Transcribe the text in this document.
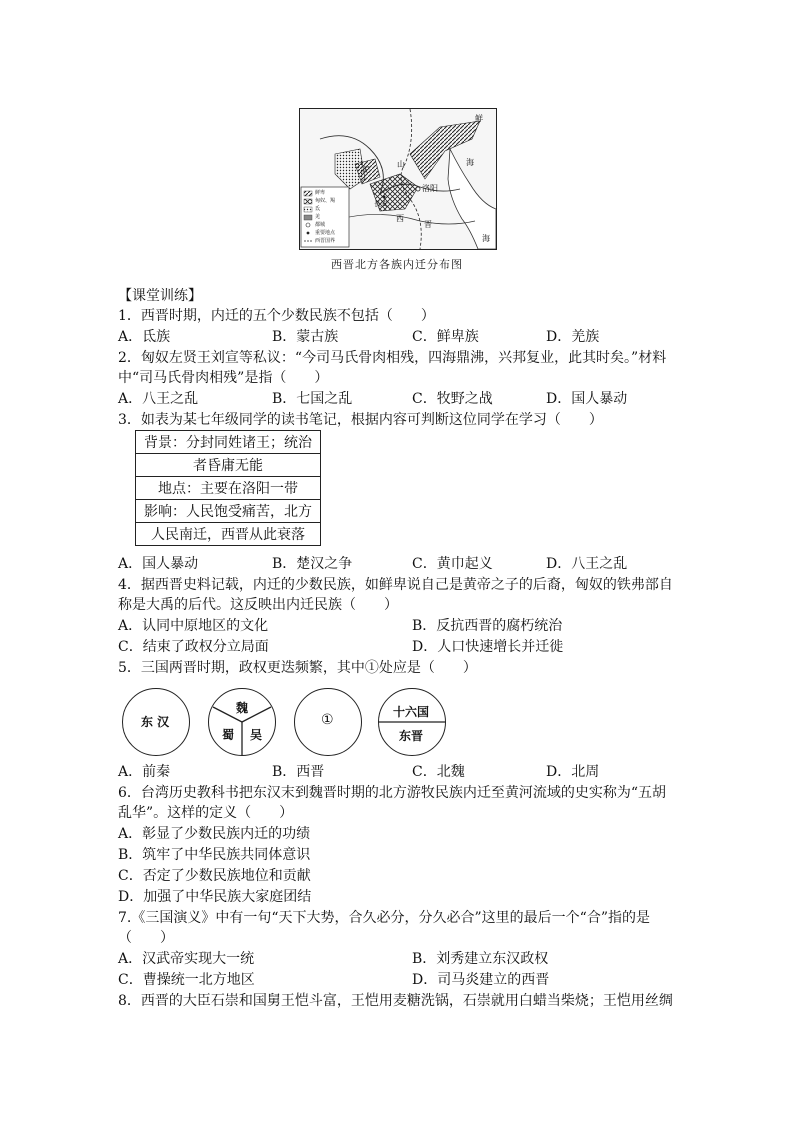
鲜
海
羌
山
洛阳
长安
西
晋
海
鲜卑
匈奴、羯
氐
羌
都城
重要地点
西晋国界
西晋北方各族内迁分布图
【课堂训练】
1．西晋时期，内迁的五个少数民族不包括（　　）
A．氐族	B．蒙古族	C．鲜卑族	D．羌族
2．匈奴左贤王刘宣等私议：“今司马氏骨肉相残，四海鼎沸，兴邦复业，此其时矣。”材料
中“司马氏骨肉相残”是指（　　）
A．八王之乱	B．七国之乱	C．牧野之战	D．国人暴动
3．如表为某七年级同学的读书笔记，根据内容可判断这位同学在学习（　　）
背景：分封同姓诸王；统治
者昏庸无能
地点：主要在洛阳一带
影响：人民饱受痛苦，北方
人民南迁，西晋从此衰落
A．国人暴动	B．楚汉之争	C．黄巾起义	D．八王之乱
4．据西晋史料记载，内迁的少数民族，如鲜卑说自己是黄帝之子的后裔，匈奴的铁弗部自
称是大禹的后代。这反映出内迁民族（　　）
A．认同中原地区的文化	B．反抗西晋的腐朽统治
C．结束了政权分立局面	D．人口快速增长并迁徙
5．三国两晋时期，政权更迭频繁，其中①处应是（　　）
东 汉
魏
蜀 吴
①	十六国
东晋
A．前秦	B．西晋	C．北魏	D．北周
6．台湾历史教科书把东汉末到魏晋时期的北方游牧民族内迁至黄河流域的史实称为“五胡
乱华”。这样的定义（　　）
A．彰显了少数民族内迁的功绩
B．筑牢了中华民族共同体意识
C．否定了少数民族地位和贡献
D．加强了中华民族大家庭团结
7.《三国演义》中有一句“天下大势，合久必分，分久必合”这里的最后一个“合”指的是
（　　）
A．汉武帝实现大一统	B．刘秀建立东汉政权
C．曹操统一北方地区	D．司马炎建立的西晋
8．西晋的大臣石崇和国舅王恺斗富，王恺用麦糖洗锅，石崇就用白蜡当柴烧；王恺用丝绸
